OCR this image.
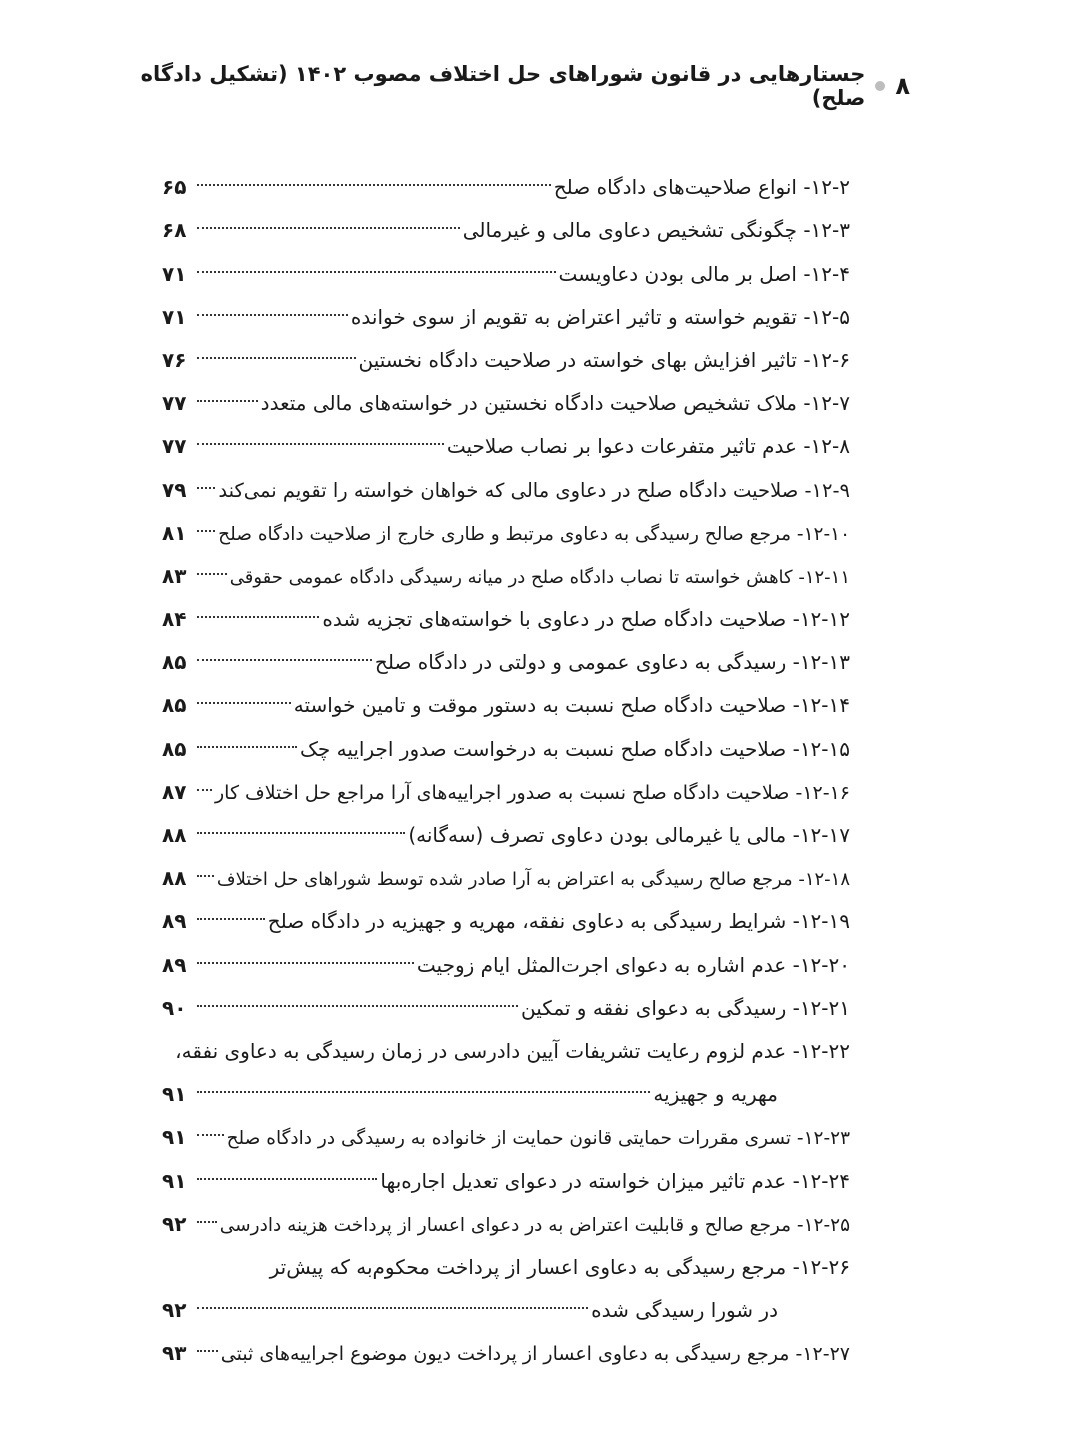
۸
جستارهایی در قانون شوراهای حل اختلاف مصوب ۱۴۰۲ (تشکیل دادگاه صلح)
۱۲-۲- انواع صلاحیت‌های دادگاه صلح
۶۵
۱۲-۳- چگونگی تشخیص دعاوی مالی و غیرمالی
۶۸
۱۲-۴- اصل بر مالی بودن دعاویست
۷۱
۱۲-۵- تقویم خواسته و تاثیر اعتراض به تقویم از سوی خوانده
۷۱
۱۲-۶- تاثیر افزایش بهای خواسته در صلاحیت دادگاه نخستین
۷۶
۱۲-۷- ملاک تشخیص صلاحیت دادگاه نخستین در خواسته‌های مالی متعدد
۷۷
۱۲-۸- عدم تاثیر متفرعات دعوا بر نصاب صلاحیت
۷۷
۱۲-۹- صلاحیت دادگاه صلح در دعاوی مالی که خواهان خواسته را تقویم نمی‌کند
۷۹
۱۲-۱۰- مرجع صالح رسیدگی به دعاوی مرتبط و طاری خارج از صلاحیت دادگاه صلح
۸۱
۱۲-۱۱- کاهش خواسته تا نصاب دادگاه صلح در میانه رسیدگی دادگاه عمومی حقوقی
۸۳
۱۲-۱۲- صلاحیت دادگاه صلح در دعاوی با خواسته‌های تجزیه شده
۸۴
۱۲-۱۳- رسیدگی به دعاوی عمومی و دولتی در دادگاه صلح
۸۵
۱۲-۱۴- صلاحیت دادگاه صلح نسبت به دستور موقت و تامین خواسته
۸۵
۱۲-۱۵- صلاحیت دادگاه صلح نسبت به درخواست صدور اجراییه چک
۸۵
۱۲-۱۶- صلاحیت دادگاه صلح نسبت به صدور اجراییه‌های آرا مراجع حل اختلاف کار
۸۷
۱۲-۱۷- مالی یا غیرمالی بودن دعاوی تصرف (سه‌گانه)
۸۸
۱۲-۱۸- مرجع صالح رسیدگی به اعتراض به آرا صادر شده توسط شوراهای حل اختلاف
۸۸
۱۲-۱۹- شرایط رسیدگی به دعاوی نفقه، مهریه و جهیزیه در دادگاه صلح
۸۹
۱۲-۲۰- عدم اشاره به دعوای اجرت‌المثل ایام زوجیت
۸۹
۱۲-۲۱- رسیدگی به دعوای نفقه و تمکین
۹۰
۱۲-۲۲- عدم لزوم رعایت تشریفات آیین دادرسی در زمان رسیدگی به دعاوی نفقه،
مهریه و جهیزیه
۹۱
۱۲-۲۳- تسری مقررات حمایتی قانون حمایت از خانواده به رسیدگی در دادگاه صلح
۹۱
۱۲-۲۴- عدم تاثیر میزان خواسته در دعوای تعدیل اجاره‌بها
۹۱
۱۲-۲۵- مرجع صالح و قابلیت اعتراض به در دعوای اعسار از پرداخت هزینه دادرسی
۹۲
۱۲-۲۶- مرجع رسیدگی به دعاوی اعسار از پرداخت محکوم‌به که پیش‌تر
در شورا رسیدگی شده
۹۲
۱۲-۲۷- مرجع رسیدگی به دعاوی اعسار از پرداخت دیون موضوع اجراییه‌های ثبتی
۹۳
